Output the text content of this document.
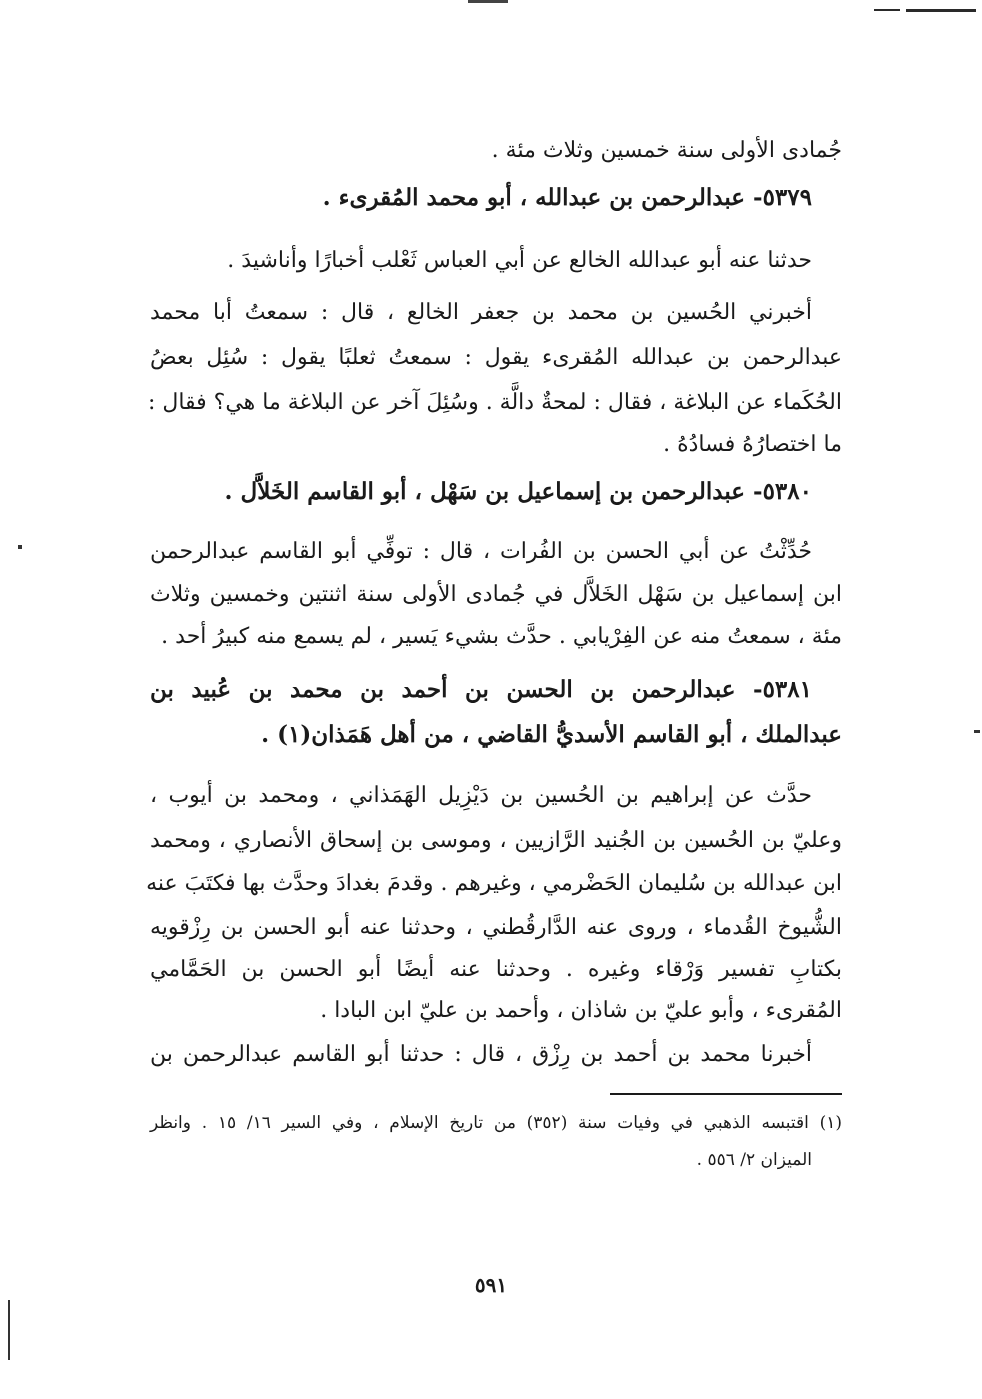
جُمادى الأولى سنة خمسين وثلاث مئة .
٥٣٧٩- عبدالرحمن بن عبدالله ، أبو محمد المُقرىء .
حدثنا عنه أبو عبدالله الخالع عن أبي العباس ثَعْلب أخبارًا وأناشيدَ .
أخبرني الحُسين بن محمد بن جعفر الخالع ، قال : سمعتُ أبا محمد
عبدالرحمن بن عبدالله المُقرىء يقول : سمعتُ ثعلبًا يقول : سُئِل بعضُ
الحُكَماء عن البلاغة ، فقال : لمحةٌ دالَّة . وسُئِلَ آخر عن البلاغة ما هي؟ فقال :
ما اختصارُهُ فسادُهُ .
٥٣٨٠- عبدالرحمن بن إسماعيل بن سَهْل ، أبو القاسم الخَلاَّل .
حُدِّثْتُ عن أبي الحسن بن الفُرات ، قال : توفِّي أبو القاسم عبدالرحمن
ابن إسماعيل بن سَهْل الخَلاَّل في جُمادى الأولى سنة اثنتين وخمسين وثلاث
مئة ، سمعتُ منه عن الفِرْيابي . حدَّث بشيء يَسير ، لم يسمع منه كبيرُ أحد .
٥٣٨١- عبدالرحمن بن الحسن بن أحمد بن محمد بن عُبيد بن
عبدالملك ، أبو القاسم الأسديُّ القاضي ، من أهل هَمَذان(١) .
حدَّث عن إبراهيم بن الحُسين بن دَيْزِيل الهَمَذاني ، ومحمد بن أيوب ،
وعليّ بن الحُسين بن الجُنيد الرَّازيين ، وموسى بن إسحاق الأنصاري ، ومحمد
ابن عبدالله بن سُليمان الحَضْرمي ، وغيرهم . وقدمَ بغدادَ وحدَّث بها فكتَبَ عنه
الشُّيوخ القُدماء ، وروى عنه الدَّارقُطني ، وحدثنا عنه أبو الحسن بن رِزْقويه
بكتابِ تفسير وَرْقاء وغيره . وحدثنا عنه أيضًا أبو الحسن بن الحَمَّامي
المُقرىء ، وأبو عليّ بن شاذان ، وأحمد بن عليّ ابن البادا .
أخبرنا محمد بن أحمد بن رِزْق ، قال : حدثنا أبو القاسم عبدالرحمن بن
(١) اقتبسه الذهبي في وفيات سنة (٣٥٢) من تاريخ الإسلام ، وفي السير ١٦/ ١٥ . وانظر
الميزان ٢/ ٥٥٦ .
٥٩١
